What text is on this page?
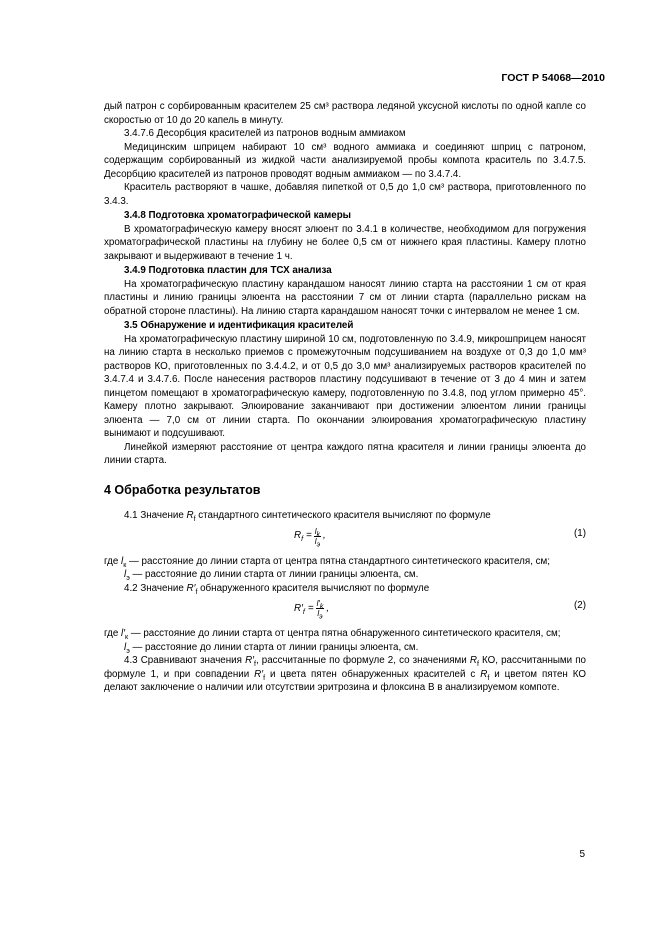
ГОСТ Р 54068—2010

дый патрон с сорбированным красителем 25 см³ раствора ледяной уксусной кислоты по одной капле со скоростью от 10 до 20 капель в минуту.

3.4.7.6 Десорбция красителей из патронов водным аммиаком

Медицинским шприцем набирают 10 см³ водного аммиака и соединяют шприц с патроном, содержащим сорбированный из жидкой части анализируемой пробы компота краситель по 3.4.7.5. Десорбцию красителей из патронов проводят водным аммиаком — по 3.4.7.4.

Краситель растворяют в чашке, добавляя пипеткой от 0,5 до 1,0 см³ раствора, приготовленного по 3.4.3.

3.4.8 Подготовка хроматографической камеры

В хроматографическую камеру вносят элюент по 3.4.1 в количестве, необходимом для погружения хроматографической пластины на глубину не более 0,5 см от нижнего края пластины. Камеру плотно закрывают и выдерживают в течение 1 ч.

3.4.9 Подготовка пластин для ТСХ анализа

На хроматографическую пластину карандашом наносят линию старта на расстоянии 1 см от края пластины и линию границы элюента на расстоянии 7 см от линии старта (параллельно рискам на обратной стороне пластины). На линию старта карандашом наносят точки с интервалом не менее 1 см.

3.5 Обнаружение и идентификация красителей

На хроматографическую пластину шириной 10 см, подготовленную по 3.4.9, микрошприцем наносят на линию старта в несколько приемов с промежуточным подсушиванием на воздухе от 0,3 до 1,0 мм³ растворов КО, приготовленных по 3.4.4.2, и от 0,5 до 3,0 мм³ анализируемых растворов красителей по 3.4.7.4 и 3.4.7.6. После нанесения растворов пластину подсушивают в течение от 3 до 4 мин и затем пинцетом помещают в хроматографическую камеру, подготовленную по 3.4.8, под углом примерно 45°. Камеру плотно закрывают. Элюирование заканчивают при достижении элюентом линии границы элюента — 7,0 см от линии старта. По окончании элюирования хроматографическую пластину вынимают и подсушивают.

Линейкой измеряют расстояние от центра каждого пятна красителя и линии границы элюента до линии старта.

4 Обработка результатов

4.1 Значение $R_f$ стандартного синтетического красителя вычисляют по формуле

$R_f = \frac{l_k}{l_э}$ ,	(1)

где $l_к$ — расстояние до линии старта от центра пятна стандартного синтетического красителя, см;

$l_э$ — расстояние до линии старта от линии границы элюента, см.

4.2 Значение $R'_f$ обнаруженного красителя вычисляют по формуле

$R'_f = \frac{l'_k}{l_э}$ ,	(2)

где $l'_к$ — расстояние до линии старта от центра пятна обнаруженного синтетического красителя, см;

$l_э$ — расстояние до линии старта от линии границы элюента, см.

4.3 Сравнивают значения $R'_f$, рассчитанные по формуле 2, со значениями $R_f$ КО, рассчитанными по формуле 1, и при совпадении $R'_f$ и цвета пятен обнаруженных красителей с $R_f$ и цветом пятен КО делают заключение о наличии или отсутствии эритрозина и флоксина В в анализируемом компоте.

5
